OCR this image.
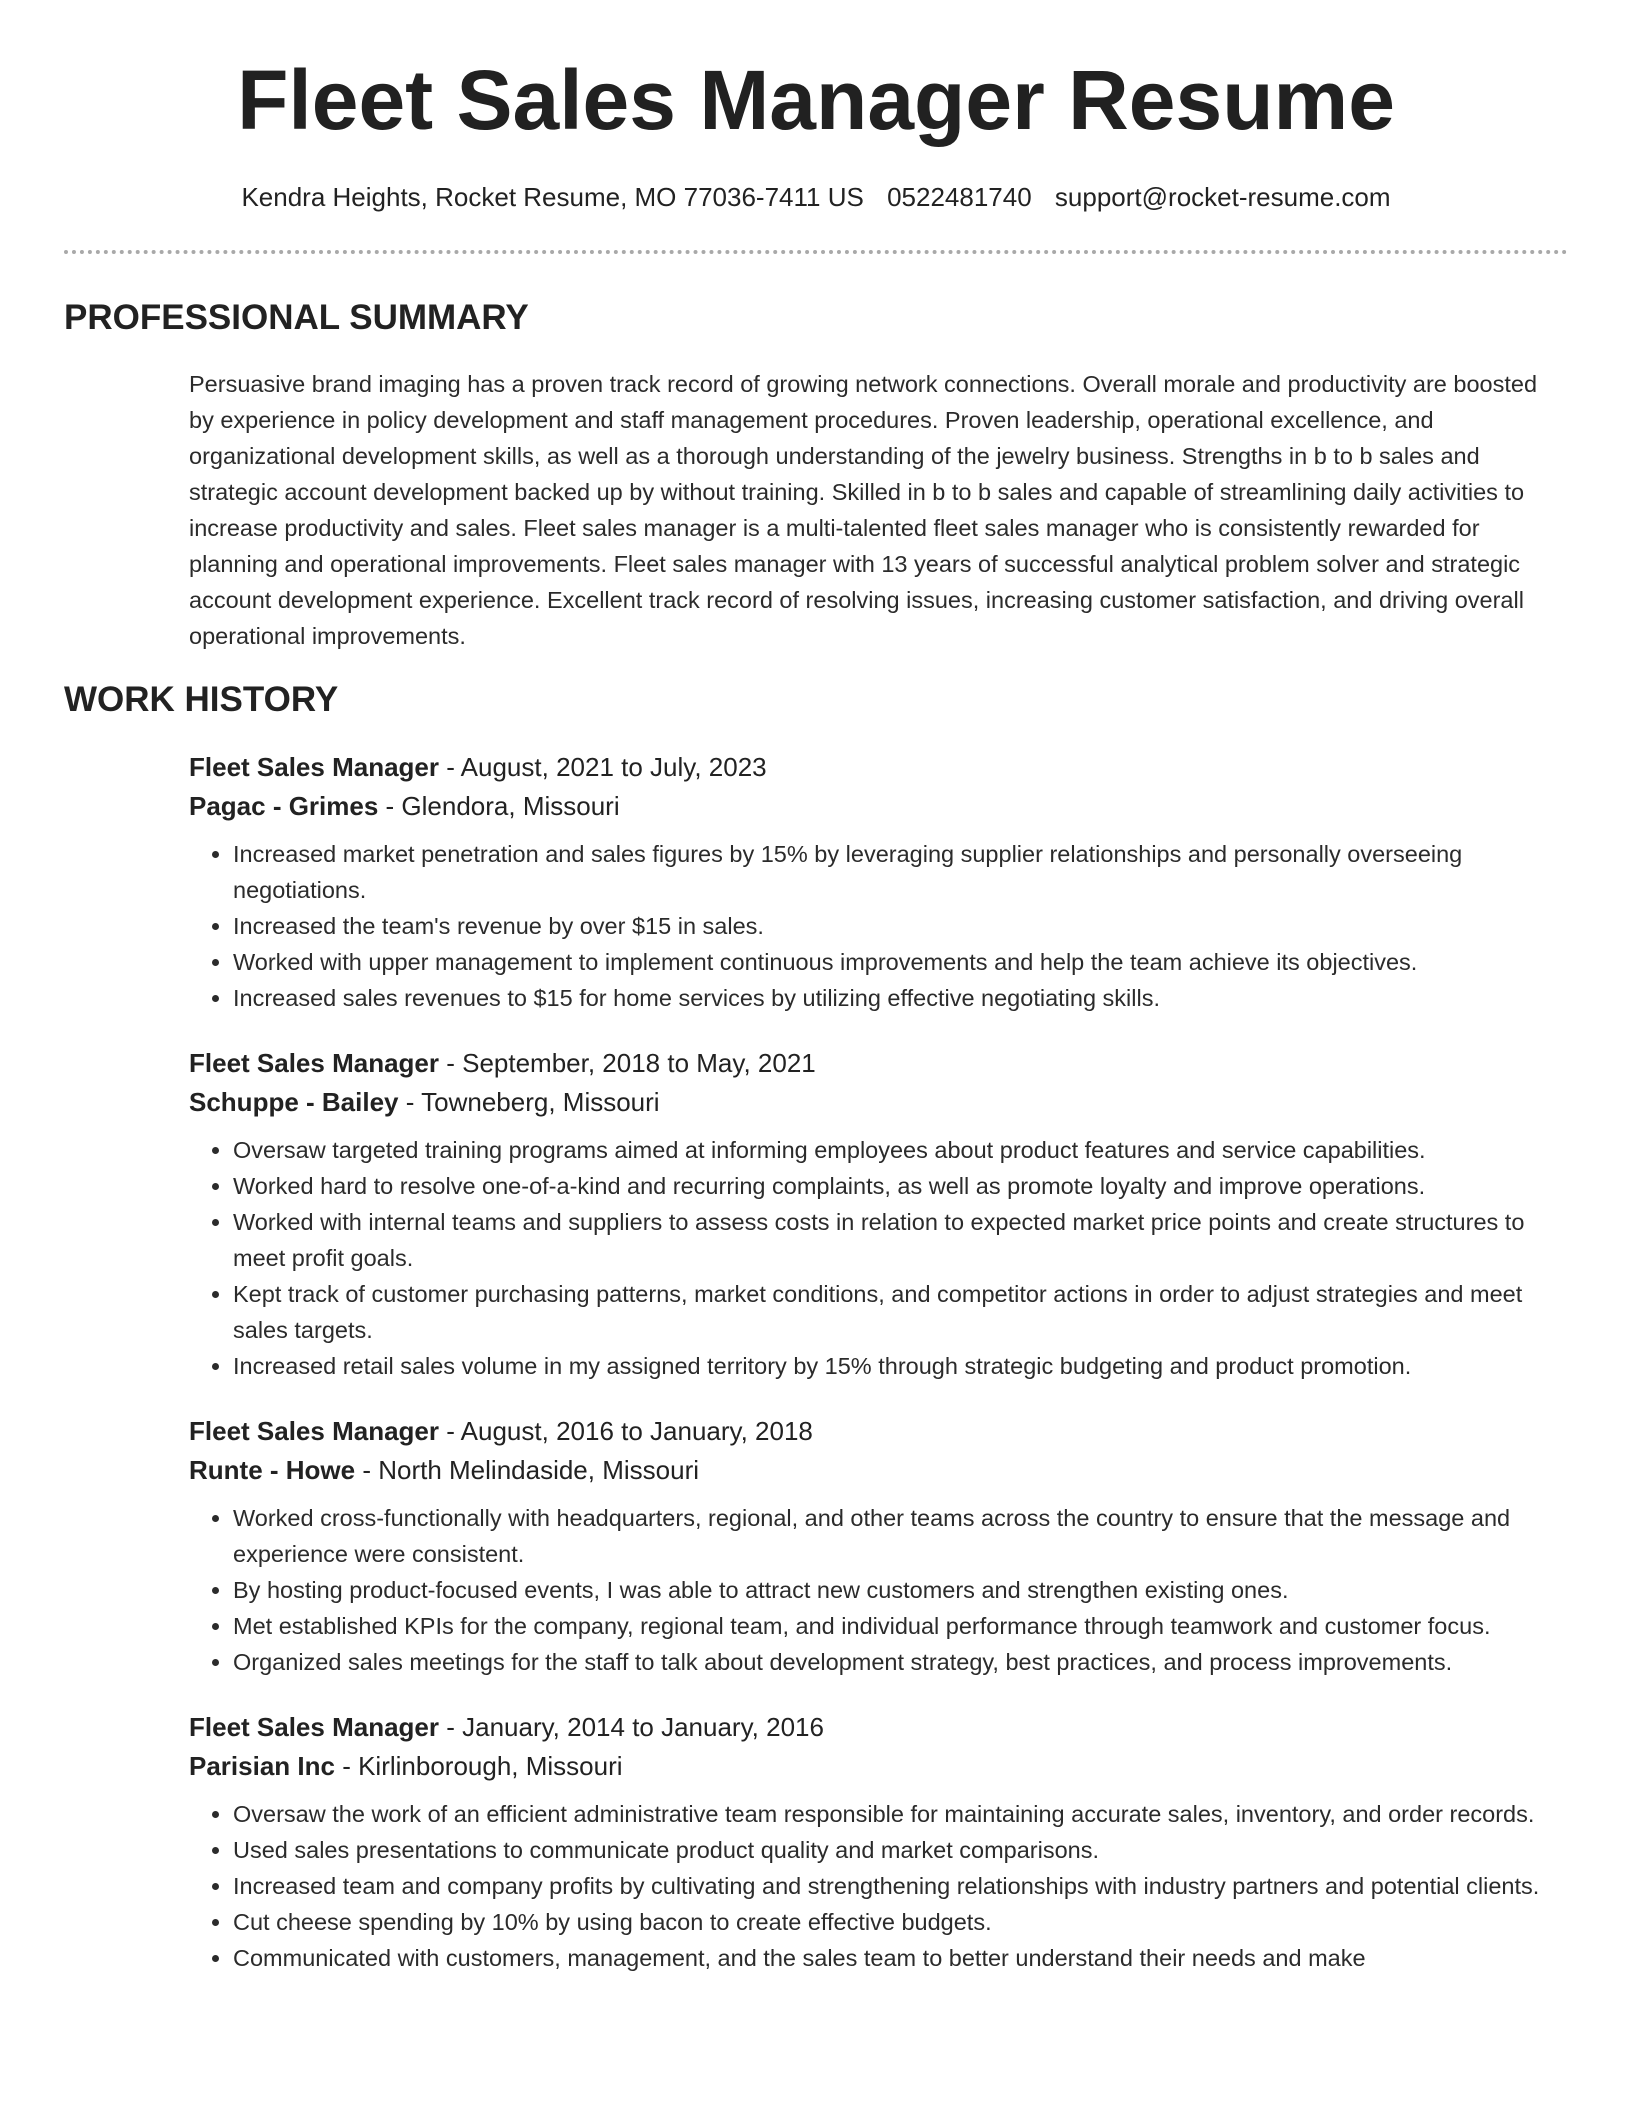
Fleet Sales Manager Resume
Kendra Heights, Rocket Resume, MO 77036-7411 US 0522481740 support@rocket-resume.com
PROFESSIONAL SUMMARY

Persuasive brand imaging has a proven track record of growing network connections. Overall morale and productivity are boosted by experience in policy development and staff management procedures. Proven leadership, operational excellence, and organizational development skills, as well as a thorough understanding of the jewelry business. Strengths in b to b sales and strategic account development backed up by without training. Skilled in b to b sales and capable of streamlining daily activities to increase productivity and sales. Fleet sales manager is a multi-talented fleet sales manager who is consistently rewarded for planning and operational improvements. Fleet sales manager with 13 years of successful analytical problem solver and strategic account development experience. Excellent track record of resolving issues, increasing customer satisfaction, and driving overall operational improvements.

WORK HISTORY
Fleet Sales Manager - August, 2021 to July, 2023
Pagac - Grimes - Glendora, Missouri
• Increased market penetration and sales figures by 15% by leveraging supplier relationships and personally overseeing negotiations.
• Increased the team's revenue by over $15 in sales.
• Worked with upper management to implement continuous improvements and help the team achieve its objectives.
• Increased sales revenues to $15 for home services by utilizing effective negotiating skills.
Fleet Sales Manager - September, 2018 to May, 2021
Schuppe - Bailey - Towneberg, Missouri
• Oversaw targeted training programs aimed at informing employees about product features and service capabilities.
• Worked hard to resolve one-of-a-kind and recurring complaints, as well as promote loyalty and improve operations.
• Worked with internal teams and suppliers to assess costs in relation to expected market price points and create structures to meet profit goals.
• Kept track of customer purchasing patterns, market conditions, and competitor actions in order to adjust strategies and meet sales targets.
• Increased retail sales volume in my assigned territory by 15% through strategic budgeting and product promotion.
Fleet Sales Manager - August, 2016 to January, 2018
Runte - Howe - North Melindaside, Missouri
• Worked cross-functionally with headquarters, regional, and other teams across the country to ensure that the message and experience were consistent.
• By hosting product-focused events, I was able to attract new customers and strengthen existing ones.
• Met established KPIs for the company, regional team, and individual performance through teamwork and customer focus.
• Organized sales meetings for the staff to talk about development strategy, best practices, and process improvements.
Fleet Sales Manager - January, 2014 to January, 2016
Parisian Inc - Kirlinborough, Missouri
• Oversaw the work of an efficient administrative team responsible for maintaining accurate sales, inventory, and order records.
• Used sales presentations to communicate product quality and market comparisons.
• Increased team and company profits by cultivating and strengthening relationships with industry partners and potential clients.
• Cut cheese spending by 10% by using bacon to create effective budgets.
• Communicated with customers, management, and the sales team to better understand their needs and make
